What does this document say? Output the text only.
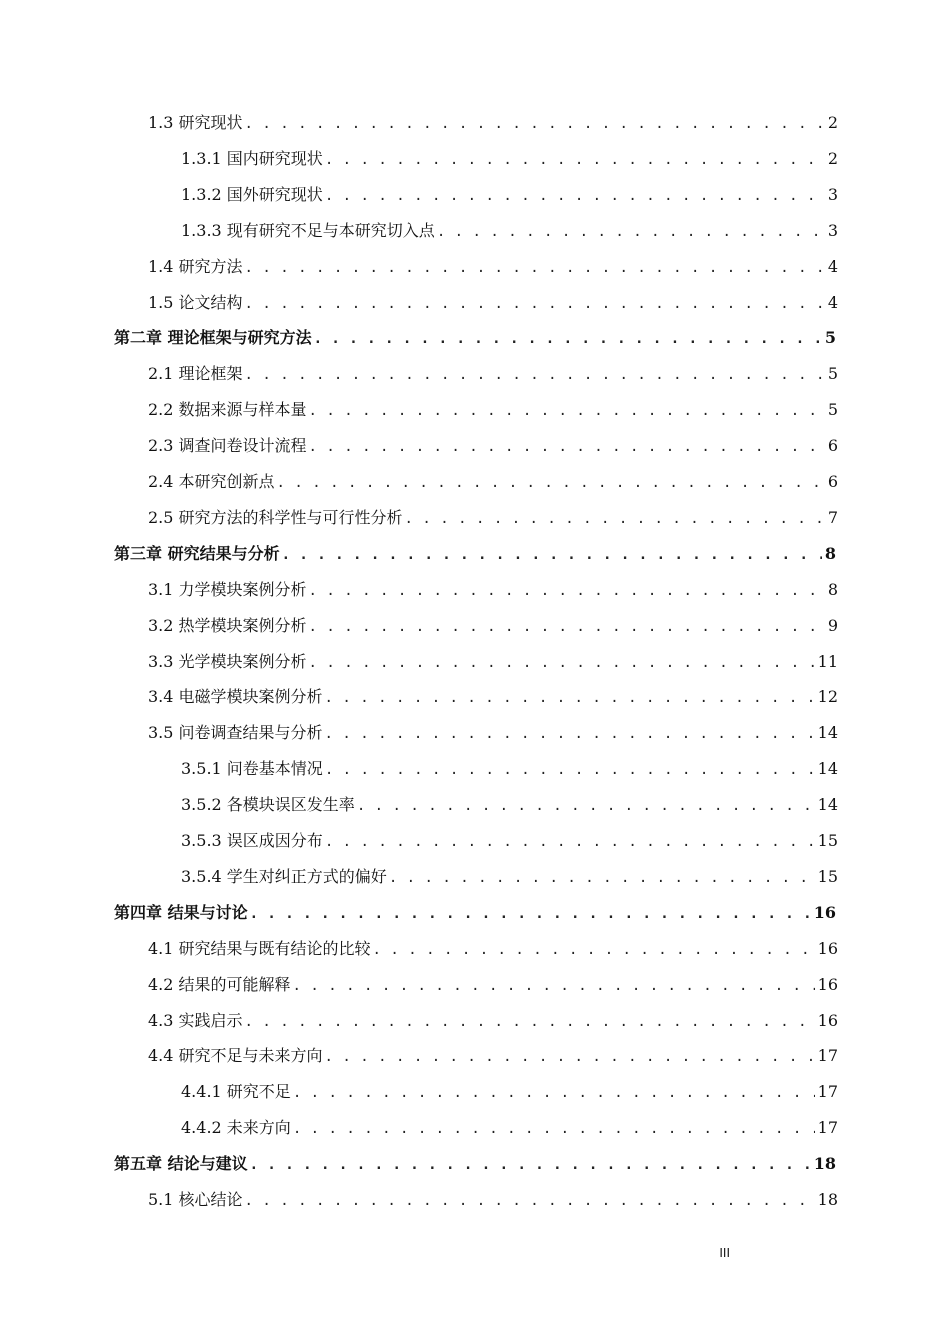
1.3 研究现状 . . .	2
1.3.1 国内研究现状 . . .	2
1.3.2 国外研究现状 . . .	3
1.3.3 现有研究不足与本研究切入点 . . .	3
1.4 研究方法 . . .	4
1.5 论文结构 . . .	4
第二章 理论框架与研究方法 . . .	5
2.1 理论框架 . . .	5
2.2 数据来源与样本量 . . .	5
2.3 调查问卷设计流程 . . .	6
2.4 本研究创新点 . . .	6
2.5 研究方法的科学性与可行性分析 . . .	7
第三章 研究结果与分析 . . .	8
3.1 力学模块案例分析 . . .	8
3.2 热学模块案例分析 . . .	9
3.3 光学模块案例分析 . . .	11
3.4 电磁学模块案例分析 . . .	12
3.5 问卷调查结果与分析 . . .	14
3.5.1 问卷基本情况 . . .	14
3.5.2 各模块误区发生率 . . .	14
3.5.3 误区成因分布 . . .	15
3.5.4 学生对纠正方式的偏好 . . .	15
第四章 结果与讨论 . . .	16
4.1 研究结果与既有结论的比较 . . .	16
4.2 结果的可能解释 . . .	16
4.3 实践启示 . . .	16
4.4 研究不足与未来方向 . . .	17
4.4.1 研究不足 . . .	17
4.4.2 未来方向 . . .	17
第五章 结论与建议 . . .	18
5.1 核心结论 . . .	18
III
